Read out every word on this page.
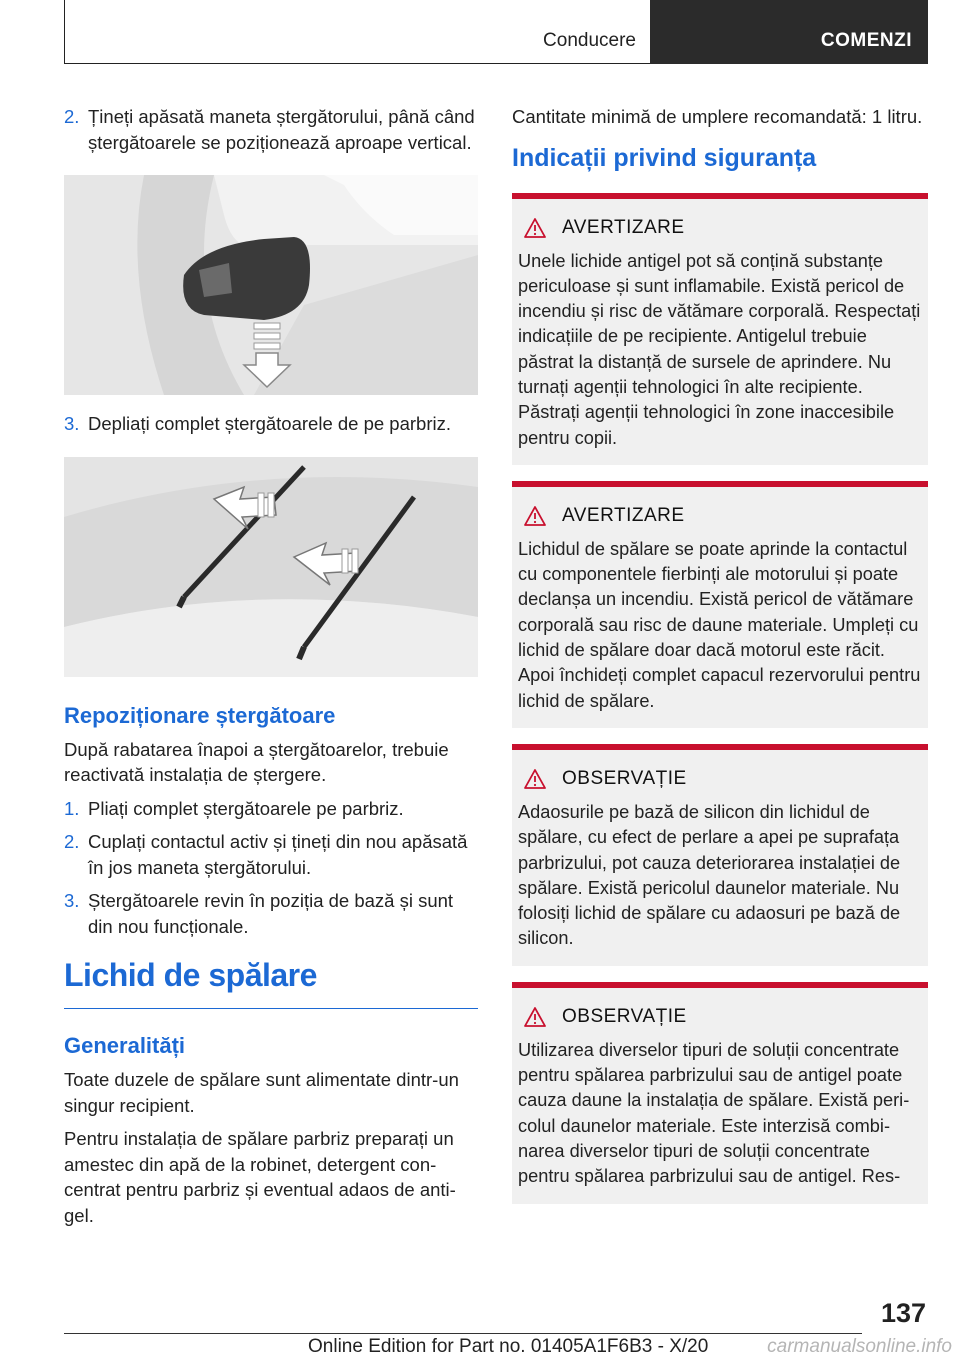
Conducere	COMENZI
2. Țineți apăsată maneta ștergătorului, până când ștergătoarele se poziționează aproape vertical.
3. Depliați complet ștergătoarele de pe parbriz.
Repoziționare ștergătoare

După rabatarea înapoi a ștergătoarelor, trebuie reactivată instalația de ștergere.

1. Pliați complet ștergătoarele pe parbriz.
2. Cuplați contactul activ și țineți din nou apăsată în jos maneta ștergătorului.
3. Ștergătoarele revin în poziția de bază și sunt din nou funcționale.
Lichid de spălare
Generalități

Toate duzele de spălare sunt alimentate dintr-un singur recipient.

Pentru instalația de spălare parbriz preparați un amestec din apă de la robinet, detergent concentrat pentru parbriz și eventual adaos de antigel.

Cantitate minimă de umplere recomandată: 1 litru.

Indicații privind siguranța
AVERTIZARE
Unele lichide antigel pot să conțină substanțe periculoase și sunt inflamabile. Există pericol de incendiu și risc de vătămare corporală. Respectați indicațiile de pe recipiente. Antigelul trebuie păstrat la distanță de sursele de aprindere. Nu turnați agenții tehnologici în alte recipiente. Păstrați agenții tehnologici în zone inaccesibile pentru copii.
AVERTIZARE
Lichidul de spălare se poate aprinde la contactul cu componentele fierbinți ale motorului și poate declanșa un incendiu. Există pericol de vătămare corporală sau risc de daune materiale. Umpleți cu lichid de spălare doar dacă motorul este răcit. Apoi închideți complet capacul rezervorului pentru lichid de spălare.
OBSERVAȚIE
Adaosurile pe bază de silicon din lichidul de spălare, cu efect de perlare a apei pe suprafața parbrizului, pot cauza deteriorarea instalației de spălare. Există pericolul daunelor materiale. Nu folosiți lichid de spălare cu adaosuri pe bază de silicon.
OBSERVAȚIE
Utilizarea diverselor tipuri de soluții concentrate pentru spălarea parbrizului sau de antigel poate cauza daune la instalația de spălare. Există pericolul daunelor materiale. Este interzisă combinarea diverselor tipuri de soluții concentrate pentru spălarea parbrizului sau de antigel. Res-
137
Online Edition for Part no. 01405A1F6B3 - X/20	carmanualsonline.info
